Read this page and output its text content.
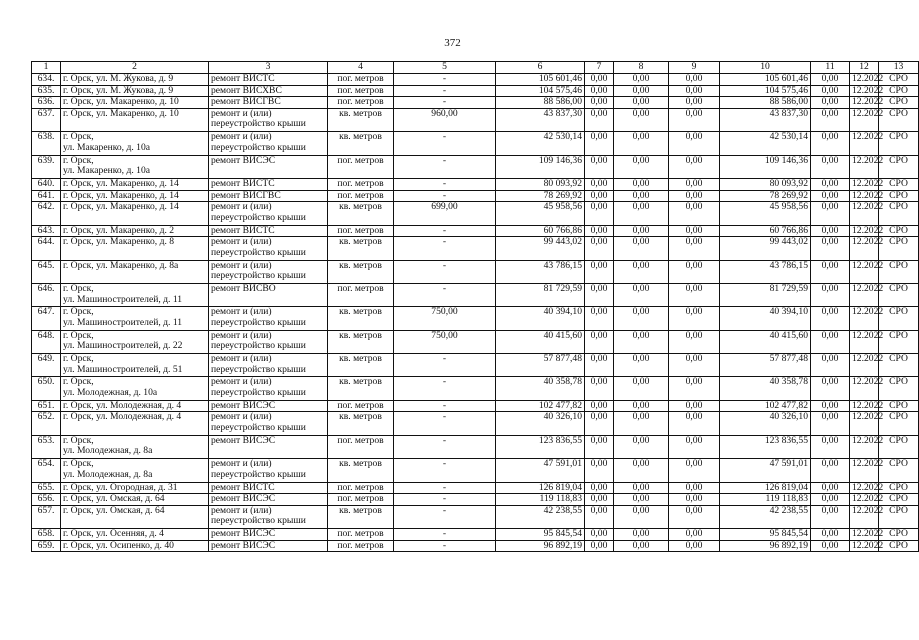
372
1	2	3	4	5	6	7	8	9	10	11	12	13
634.	г. Орск, ул. М. Жукова, д. 9	ремонт ВИСТС	пог. метров	-	105 601,46	0,00	0,00	0,00	105 601,46	0,00	12.2022	СРО
635.	г. Орск, ул. М. Жукова, д. 9	ремонт ВИСХВС	пог. метров	-	104 575,46	0,00	0,00	0,00	104 575,46	0,00	12.2022	СРО
636.	г. Орск, ул. Макаренко, д. 10	ремонт ВИСГВС	пог. метров	-	88 586,00	0,00	0,00	0,00	88 586,00	0,00	12.2022	СРО
637.	г. Орск, ул. Макаренко, д. 10	ремонт и (или)
переустройство крыши	кв. метров	960,00	43 837,30	0,00	0,00	0,00	43 837,30	0,00	12.2022	СРО
638.	г. Орск,
ул. Макаренко, д. 10а	ремонт и (или)
переустройство крыши	кв. метров	-	42 530,14	0,00	0,00	0,00	42 530,14	0,00	12.2022	СРО
639.	г. Орск,
ул. Макаренко, д. 10а	ремонт ВИСЭС	пог. метров	-	109 146,36	0,00	0,00	0,00	109 146,36	0,00	12.2022	СРО
640.	г. Орск, ул. Макаренко, д. 14	ремонт ВИСТС	пог. метров	-	80 093,92	0,00	0,00	0,00	80 093,92	0,00	12.2022	СРО
641.	г. Орск, ул. Макаренко, д. 14	ремонт ВИСГВС	пог. метров	-	78 269,92	0,00	0,00	0,00	78 269,92	0,00	12.2022	СРО
642.	г. Орск, ул. Макаренко, д. 14	ремонт и (или)
переустройство крыши	кв. метров	699,00	45 958,56	0,00	0,00	0,00	45 958,56	0,00	12.2022	СРО
643.	г. Орск, ул. Макаренко, д. 2	ремонт ВИСТС	пог. метров	-	60 766,86	0,00	0,00	0,00	60 766,86	0,00	12.2022	СРО
644.	г. Орск, ул. Макаренко, д. 8	ремонт и (или)
переустройство крыши	кв. метров	-	99 443,02	0,00	0,00	0,00	99 443,02	0,00	12.2022	СРО
645.	г. Орск, ул. Макаренко, д. 8а	ремонт и (или)
переустройство крыши	кв. метров	-	43 786,15	0,00	0,00	0,00	43 786,15	0,00	12.2022	СРО
646.	г. Орск,
ул. Машиностроителей, д. 11	ремонт ВИСВО	пог. метров	-	81 729,59	0,00	0,00	0,00	81 729,59	0,00	12.2022	СРО
647.	г. Орск,
ул. Машиностроителей, д. 11	ремонт и (или)
переустройство крыши	кв. метров	750,00	40 394,10	0,00	0,00	0,00	40 394,10	0,00	12.2022	СРО
648.	г. Орск,
ул. Машиностроителей, д. 22	ремонт и (или)
переустройство крыши	кв. метров	750,00	40 415,60	0,00	0,00	0,00	40 415,60	0,00	12.2022	СРО
649.	г. Орск,
ул. Машиностроителей, д. 51	ремонт и (или)
переустройство крыши	кв. метров	-	57 877,48	0,00	0,00	0,00	57 877,48	0,00	12.2022	СРО
650.	г. Орск,
ул. Молодежная, д. 10а	ремонт и (или)
переустройство крыши	кв. метров	-	40 358,78	0,00	0,00	0,00	40 358,78	0,00	12.2022	СРО
651.	г. Орск, ул. Молодежная, д. 4	ремонт ВИСЭС	пог. метров	-	102 477,82	0,00	0,00	0,00	102 477,82	0,00	12.2022	СРО
652.	г. Орск, ул. Молодежная, д. 4	ремонт и (или)
переустройство крыши	кв. метров	-	40 326,10	0,00	0,00	0,00	40 326,10	0,00	12.2022	СРО
653.	г. Орск,
ул. Молодежная, д. 8а	ремонт ВИСЭС	пог. метров	-	123 836,55	0,00	0,00	0,00	123 836,55	0,00	12.2022	СРО
654.	г. Орск,
ул. Молодежная, д. 8а	ремонт и (или)
переустройство крыши	кв. метров	-	47 591,01	0,00	0,00	0,00	47 591,01	0,00	12.2022	СРО
655.	г. Орск, ул. Огородная, д. 31	ремонт ВИСТС	пог. метров	-	126 819,04	0,00	0,00	0,00	126 819,04	0,00	12.2022	СРО
656.	г. Орск, ул. Омская, д. 64	ремонт ВИСЭС	пог. метров	-	119 118,83	0,00	0,00	0,00	119 118,83	0,00	12.2022	СРО
657.	г. Орск, ул. Омская, д. 64	ремонт и (или)
переустройство крыши	кв. метров	-	42 238,55	0,00	0,00	0,00	42 238,55	0,00	12.2022	СРО
658.	г. Орск, ул. Осенняя, д. 4	ремонт ВИСЭС	пог. метров	-	95 845,54	0,00	0,00	0,00	95 845,54	0,00	12.2022	СРО
659.	г. Орск, ул. Осипенко, д. 40	ремонт ВИСЭС	пог. метров	-	96 892,19	0,00	0,00	0,00	96 892,19	0,00	12.2022	СРО
